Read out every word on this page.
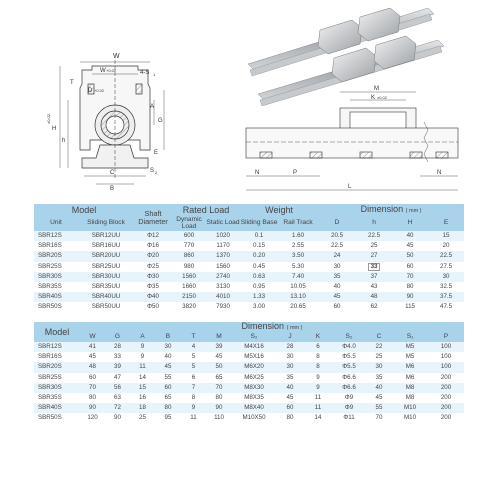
W
W +0.02	4-S 1
D +0.02
T
H
±0.02
h
A
G
E
C
B
S 2
M
K ±0.02
N	P
L
N
Model		Shaft Diameter	Rated Load		Weight		Dimension ( mm )			
Unit	Sliding Block		Dynamic Load	Static Load	Sliding Base	Rail Track	D	h	H	E
SBR12S	SBR12UU	Φ12	600	1020	0.1	1.60	20.5	22.5	40	15
SBR16S	SBR16UU	Φ16	770	1170	0.15	2.55	22.5	25	45	20
SBR20S	SBR20UU	Φ20	860	1370	0.20	3.50	24	27	50	22.5
SBR25S	SBR25UU	Φ25	980	1560	0.45	5.30	30	33	60	27.5
SBR30S	SBR30UU	Φ30	1560	2740	0.63	7.40	35	37	70	30
SBR35S	SBR35UU	Φ35	1660	3130	0.95	10.05	40	43	80	32.5
SBR40S	SBR40UU	Φ40	2150	4010	1.33	13.10	45	48	90	37.5
SBR50S	SBR50UU	Φ50	3820	7930	3.00	20.65	60	62	115	47.5
Model	Dimension ( mm )												
	W	G	A	B	T	M	S₂	J	K	S₂	C	S₁	P
SBR12S	41	28	9	30	4	39	M4X16	28	6	Φ4.0	22	M5	100
SBR16S	45	33	9	40	5	45	M5X16	30	8	Φ5.5	25	M5	100
SBR20S	48	39	11	45	5	50	M6X20	30	8	Φ5.5	30	M6	100
SBR25S	60	47	14	55	6	65	M6X25	35	9	Φ6.6	35	M6	200
SBR30S	70	56	15	60	7	70	M8X30	40	9	Φ6.6	40	M8	200
SBR35S	80	63	16	65	8	80	M8X35	45	11	Φ9	45	M8	200
SBR40S	90	72	18	80	9	90	M8X40	60	11	Φ9	55	M10	200
SBR50S	120	90	25	95	11	110	M10X50	80	14	Φ11	70	M10	200
